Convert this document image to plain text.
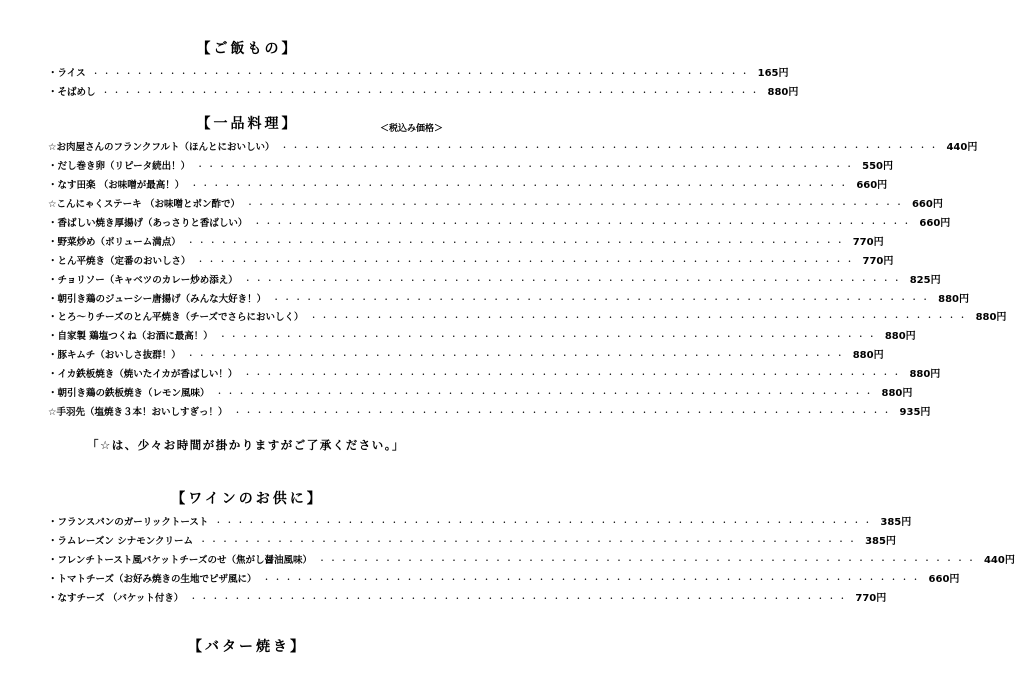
【ご飯もの】
・ライス ・・・・・・・・・・・・・・・・・・・・・・・・・・・・・・・・・・・・・・・・・・・・・・・・・・・・・・・・・・・・ 165円
・そばめし ・・・・・・・・・・・・・・・・・・・・・・・・・・・・・・・・・・・・・・・・・・・・・・・・・・・・・・・・・・・・ 880円
【一品料理】	＜税込み価格＞
☆お肉屋さんのフランクフルト（ほんとにおいしい） ・・・・・・・・・・・・・・・・・・・・・・・・・・・・・・・・・・・・・・・・・・・・・・・・・・・・・・・・・・・・ 440円
・だし巻き卵（リピータ続出！） ・・・・・・・・・・・・・・・・・・・・・・・・・・・・・・・・・・・・・・・・・・・・・・・・・・・・・・・・・・・・ 550円
・なす田楽 （お味噌が最高！） ・・・・・・・・・・・・・・・・・・・・・・・・・・・・・・・・・・・・・・・・・・・・・・・・・・・・・・・・・・・・ 660円
☆こんにゃくステーキ （お味噌とポン酢で） ・・・・・・・・・・・・・・・・・・・・・・・・・・・・・・・・・・・・・・・・・・・・・・・・・・・・・・・・・・・・ 660円
・香ばしい焼き厚揚げ（あっさりと香ばしい） ・・・・・・・・・・・・・・・・・・・・・・・・・・・・・・・・・・・・・・・・・・・・・・・・・・・・・・・・・・・・ 660円
・野菜炒め（ボリューム満点） ・・・・・・・・・・・・・・・・・・・・・・・・・・・・・・・・・・・・・・・・・・・・・・・・・・・・・・・・・・・・ 770円
・とん平焼き（定番のおいしさ） ・・・・・・・・・・・・・・・・・・・・・・・・・・・・・・・・・・・・・・・・・・・・・・・・・・・・・・・・・・・・ 770円
・チョリソー（キャベツのカレー炒め添え） ・・・・・・・・・・・・・・・・・・・・・・・・・・・・・・・・・・・・・・・・・・・・・・・・・・・・・・・・・・・・ 825円
・朝引き鶏のジューシー唐揚げ（みんな大好き！） ・・・・・・・・・・・・・・・・・・・・・・・・・・・・・・・・・・・・・・・・・・・・・・・・・・・・・・・・・・・・ 880円
・とろ～りチーズのとん平焼き（チーズでさらにおいしく） ・・・・・・・・・・・・・・・・・・・・・・・・・・・・・・・・・・・・・・・・・・・・・・・・・・・・・・・・・・・・ 880円
・自家製 鶏塩つくね（お酒に最高！） ・・・・・・・・・・・・・・・・・・・・・・・・・・・・・・・・・・・・・・・・・・・・・・・・・・・・・・・・・・・・ 880円
・豚キムチ（おいしさ抜群！） ・・・・・・・・・・・・・・・・・・・・・・・・・・・・・・・・・・・・・・・・・・・・・・・・・・・・・・・・・・・・ 880円
・イカ鉄板焼き（焼いたイカが香ばしい！） ・・・・・・・・・・・・・・・・・・・・・・・・・・・・・・・・・・・・・・・・・・・・・・・・・・・・・・・・・・・・ 880円
・朝引き鶏の鉄板焼き（レモン風味） ・・・・・・・・・・・・・・・・・・・・・・・・・・・・・・・・・・・・・・・・・・・・・・・・・・・・・・・・・・・・ 880円
☆手羽先（塩焼き３本！おいしすぎっ！） ・・・・・・・・・・・・・・・・・・・・・・・・・・・・・・・・・・・・・・・・・・・・・・・・・・・・・・・・・・・・ 935円
「☆は、少々お時間が掛かりますがご了承ください。」
【ワインのお供に】
・フランスパンのガーリックトースト ・・・・・・・・・・・・・・・・・・・・・・・・・・・・・・・・・・・・・・・・・・・・・・・・・・・・・・・・・・・・ 385円
・ラムレーズン シナモンクリーム ・・・・・・・・・・・・・・・・・・・・・・・・・・・・・・・・・・・・・・・・・・・・・・・・・・・・・・・・・・・・ 385円
・フレンチトースト風バケットチーズのせ（焦がし醤油風味） ・・・・・・・・・・・・・・・・・・・・・・・・・・・・・・・・・・・・・・・・・・・・・・・・・・・・・・・・・・・・ 440円
・トマトチーズ（お好み焼きの生地でピザ風に） ・・・・・・・・・・・・・・・・・・・・・・・・・・・・・・・・・・・・・・・・・・・・・・・・・・・・・・・・・・・・ 660円
・なすチーズ （バケット付き） ・・・・・・・・・・・・・・・・・・・・・・・・・・・・・・・・・・・・・・・・・・・・・・・・・・・・・・・・・・・・ 770円
【バター焼き】
